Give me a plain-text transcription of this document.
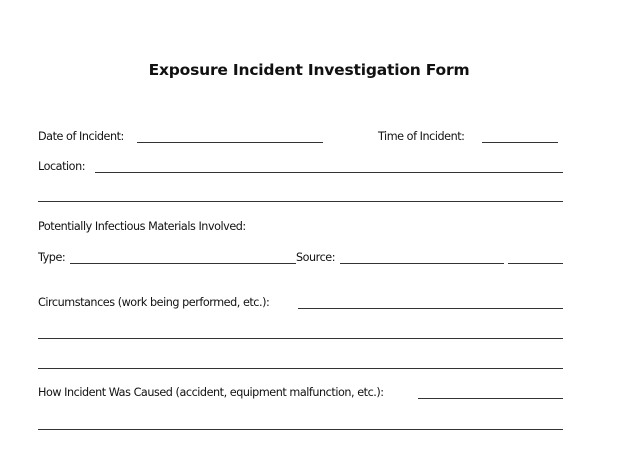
Exposure Incident Investigation Form
Date of Incident:	Time of Incident:
Location:
Potentially Infectious Materials Involved:
Type:	Source:
Circumstances (work being performed, etc.):
How Incident Was Caused (accident, equipment malfunction, etc.):
